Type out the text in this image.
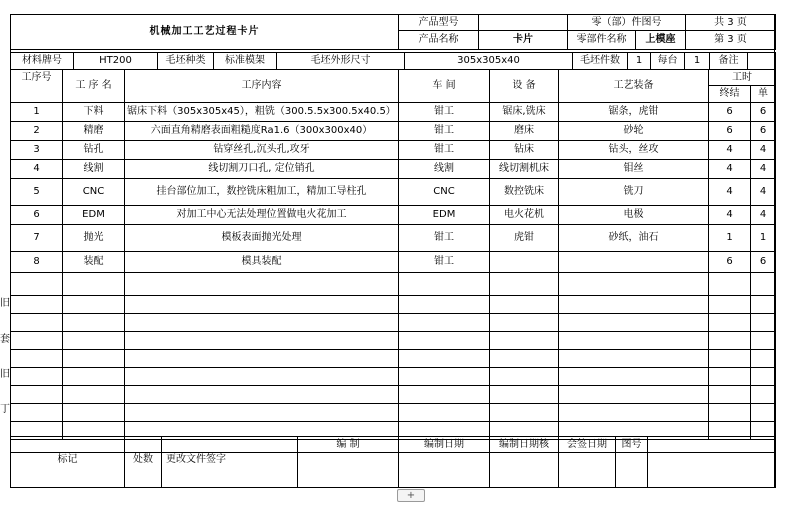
机械加工工艺过程卡片	产品型号		零（部）件图号		共 3 页
	产品名称	卡片	零部件名称	上模座	第 3 页
材料牌号	HT200	毛坯种类	标准模架	毛坯外形尺寸	305x305x40	毛坯件数	1	每台	1	备注	
工序号	工 序 名	工序内容	车 间	设 备	工艺装备	工时	
						终结	单
1	下料	锯床下料（305x305x45），粗铣（300.5.5x300.5x40.5）	钳工	锯床,铣床	锯条，虎钳	6	6
2	精磨	六面直角精磨表面粗糙度Ra1.6（300x300x40）	钳工	磨床	砂轮	6	6
3	钻孔	钻穿丝孔,沉头孔,攻牙	钳工	钻床	钻头，丝攻	4	4
4	线割	线切割刀口孔, 定位销孔	线割	线切割机床	钼丝	4	4
5	CNC	挂台部位加工，数控铣床粗加工，精加工导柱孔	CNC	数控铣床	铣刀	4	4
6	EDM	对加工中心无法处理位置做电火花加工	EDM	电火花机	电极	4	4
7	抛光	模板表面抛光处理	钳工	虎钳	砂纸，油石	1	1
8	装配	模具装配	钳工			6	6

			编 制	编制日期	编制日期核	会签日期	图号	
标记	处数	更改文件签字						
旧
套
旧
丁
+
